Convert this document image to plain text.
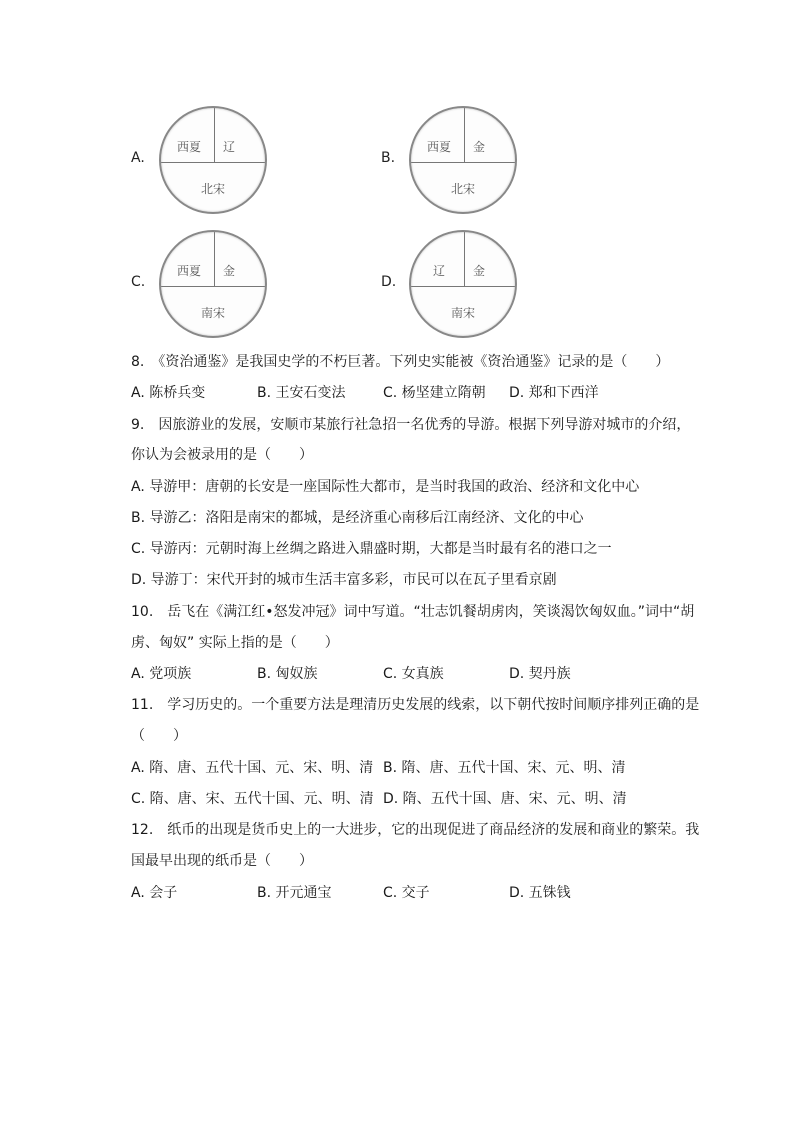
A.
西夏 辽
北宋
B.
西夏 金
北宋
C.
西夏 金
南宋
D.
辽 金
南宋
8.　《资治通鉴》是我国史学的不朽巨著。下列史实能被《资治通鉴》记录的是（　　）
A. 陈桥兵变	B. 王安石变法	C. 杨坚建立隋朝 D. 郑和下西洋
9.　因旅游业的发展，安顺市某旅行社急招一名优秀的导游。根据下列导游对城市的介绍，
你认为会被录用的是（　　）
A. 导游甲：唐朝的长安是一座国际性大都市，是当时我国的政治、经济和文化中心
B. 导游乙：洛阳是南宋的都城，是经济重心南移后江南经济、文化的中心
C. 导游丙：元朝时海上丝绸之路进入鼎盛时期，大都是当时最有名的港口之一
D. 导游丁：宋代开封的城市生活丰富多彩，市民可以在瓦子里看京剧
10.　岳飞在《满江红•怒发冲冠》词中写道。“壮志饥餐胡虏肉，笑谈渴饮匈奴血。”词中“胡
虏、匈奴” 实际上指的是（　　）
A. 党项族	B. 匈奴族	C. 女真族	D. 契丹族
11.　学习历史的。一个重要方法是理清历史发展的线索，以下朝代按时间顺序排列正确的是
（　　）
A. 隋、唐、五代十国、元、宋、明、清 B. 隋、唐、五代十国、宋、元、明、清
C. 隋、唐、宋、五代十国、元、明、清 D. 隋、五代十国、唐、宋、元、明、清
12.　纸币的出现是货币史上的一大进步，它的出现促进了商品经济的发展和商业的繁荣。我
国最早出现的纸币是（　　）
A. 会子	B. 开元通宝	C. 交子	D. 五铢钱
